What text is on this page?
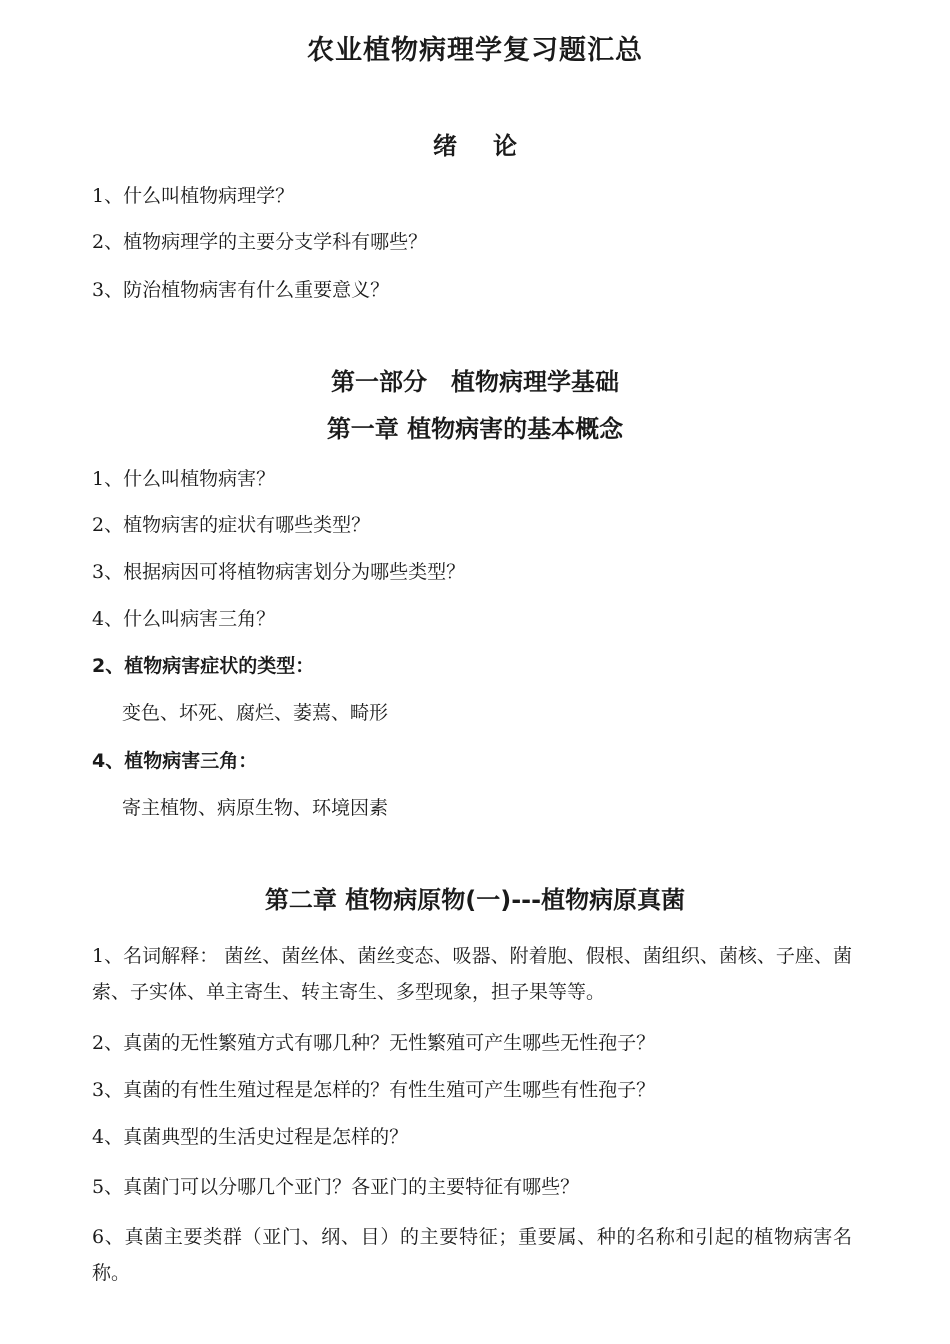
农业植物病理学复习题汇总
绪论
1、什么叫植物病理学？
2、植物病理学的主要分支学科有哪些？
3、防治植物病害有什么重要意义？
第一部分　植物病理学基础
第一章 植物病害的基本概念
1、什么叫植物病害？
2、植物病害的症状有哪些类型？
3、根据病因可将植物病害划分为哪些类型？
4、什么叫病害三角？
2、植物病害症状的类型：
变色、坏死、腐烂、萎蔫、畸形
4、植物病害三角：
寄主植物、病原生物、环境因素
第二章 植物病原物(一)---植物病原真菌
1、名词解释： 菌丝、菌丝体、菌丝变态、吸器、附着胞、假根、菌组织、菌核、子座、菌索、子实体、单主寄生、转主寄生、多型现象，担子果等等。
2、真菌的无性繁殖方式有哪几种？无性繁殖可产生哪些无性孢子？
3、真菌的有性生殖过程是怎样的？有性生殖可产生哪些有性孢子？
4、真菌典型的生活史过程是怎样的？
5、真菌门可以分哪几个亚门？各亚门的主要特征有哪些？
6、真菌主要类群（亚门、纲、目）的主要特征；重要属、种的名称和引起的植物病害名称。
